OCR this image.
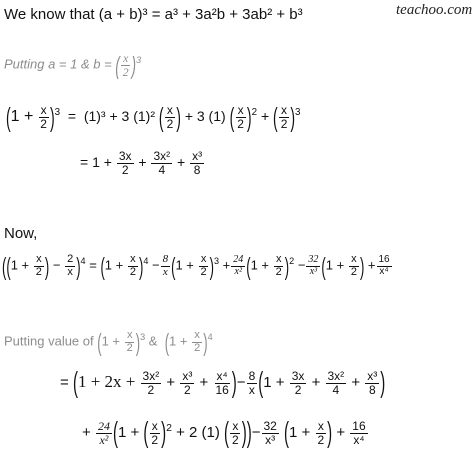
teachoo.com
We know that (a + b)³ = a³ + 3a²b + 3ab² + b³
Putting a = 1 & b = ( $\frac{x}{2} )^3$
$(1 + \frac{x}{2} )^3 = (1)^3 + 3$ (1)² ( $\frac{x}{2}$ ) + 3 (1) ( $\frac{x}{2} )^2$ + ( $\frac{x}{2} )^3$
= $1 + \frac{3x}{2} + \frac{\text{3x²}}{4} + \frac{\text{x³}}{8}$
Now,
(($1 + \frac{x}{2}$ ) − $\frac{2}{x} )^4 = (1 + \frac{x}{2} )^4 - \frac{8}{x} (1 + \frac{x}{2} )^3 + \frac{24}{\text{x²}} (1 + \frac{x}{2} )^2 - \frac{32}{\text{x³}} (1 + \frac{x}{2}$ ) + $\frac{16}{\text{x⁴}}$
Putting value of $(1 + \frac{x}{2} )^3$ & $(1 + \frac{x}{2} )^4$
= ($1 + 2x + \frac{\text{3x²}}{2} + \frac{\text{x³}}{2} + \frac{\text{x⁴}}{16}$ )− $\frac{8}{x} (1 + \frac{3x}{2} + \frac{\text{3x²}}{4} + \frac{\text{x³}}{8}$ )
+ $\frac{24}{\text{x²}} (1$ + ( $\frac{x}{2} )^2 + 2$ (1) ( $\frac{x}{2}$ ))− $\frac{32}{\text{x³}} (1 + \frac{x}{2}$ ) + $\frac{16}{\text{x⁴}}$
